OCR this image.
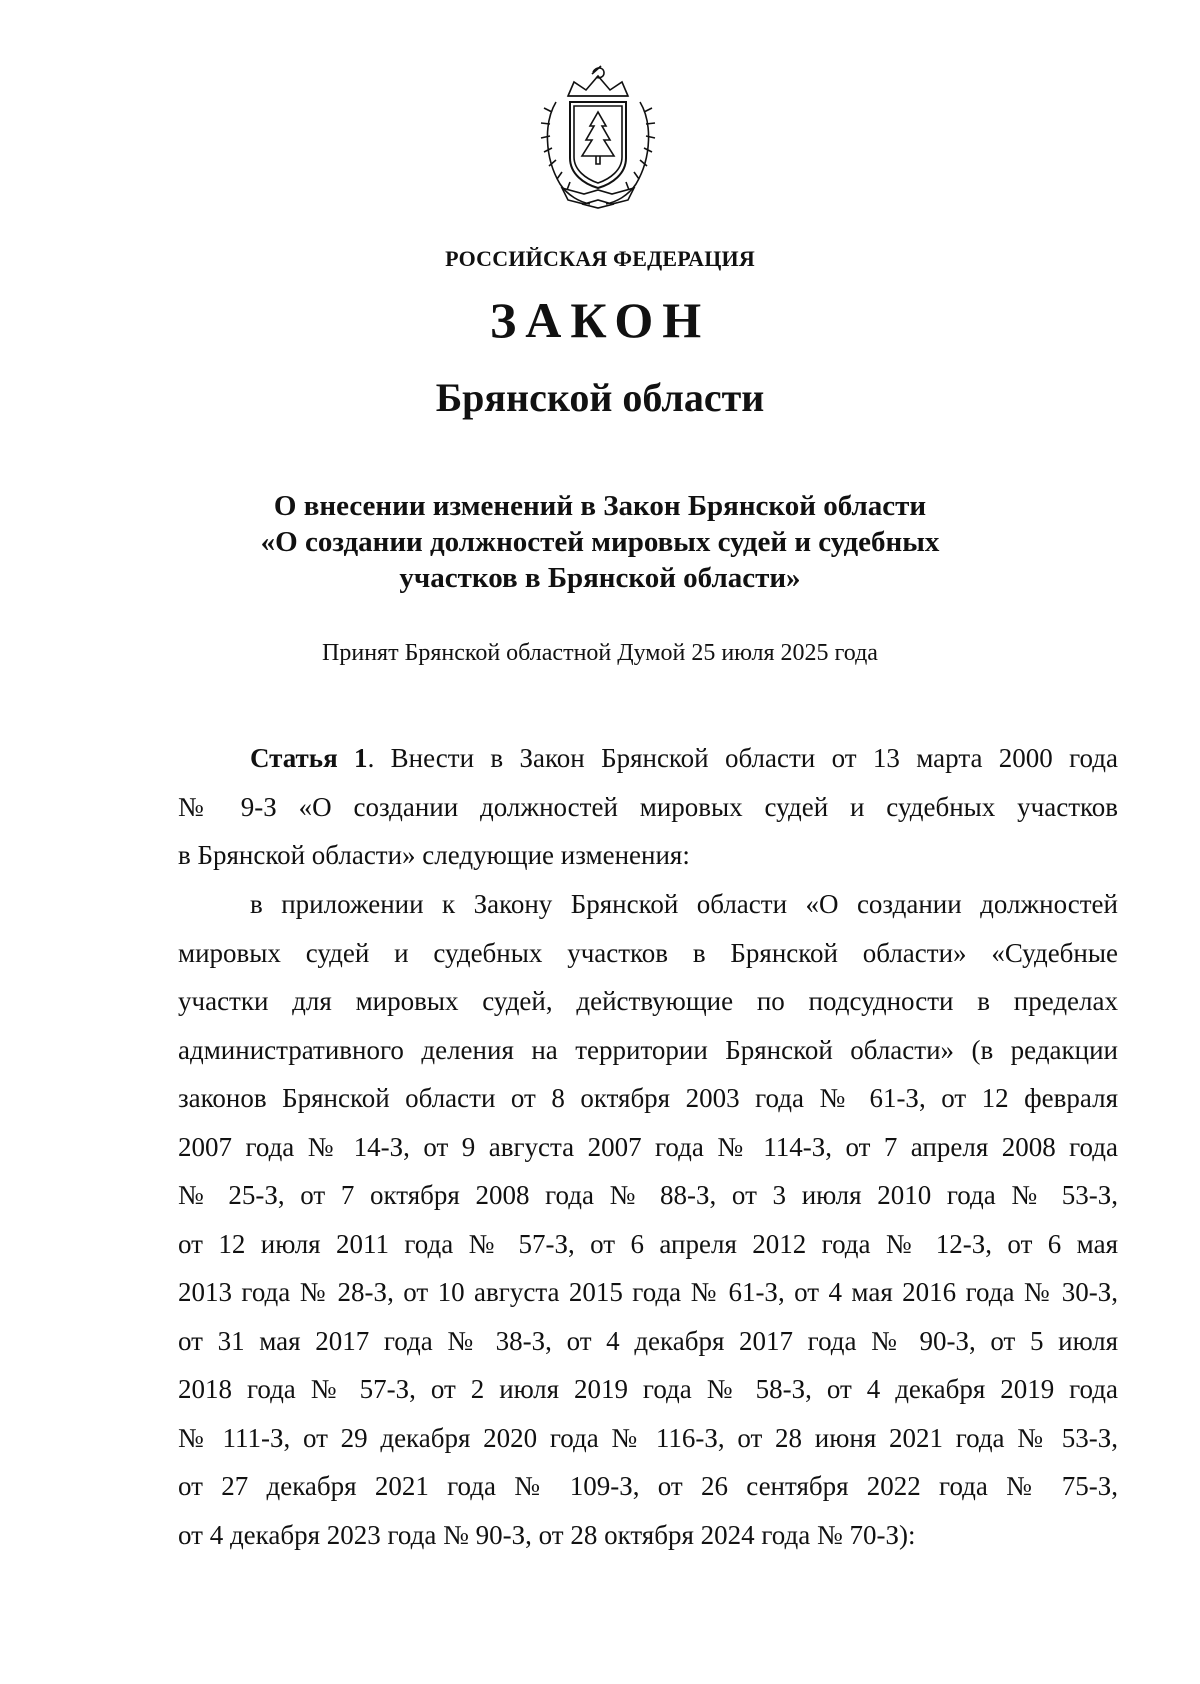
РОССИЙСКАЯ ФЕДЕРАЦИЯ
ЗАКОН
Брянской области
О внесении изменений в Закон Брянской области
«О создании должностей мировых судей и судебных
участков в Брянской области»
Принят Брянской областной Думой 25 июля 2025 года
Статья 1. Внести в Закон Брянской области от 13 марта 2000 года
№ 9-З «О создании должностей мировых судей и судебных участков
в Брянской области» следующие изменения:
в приложении к Закону Брянской области «О создании должностей
мировых судей и судебных участков в Брянской области» «Судебные
участки для мировых судей, действующие по подсудности в пределах
административного деления на территории Брянской области» (в редакции
законов Брянской области от 8 октября 2003 года № 61-З, от 12 февраля
2007 года № 14-З, от 9 августа 2007 года № 114-З, от 7 апреля 2008 года
№ 25-З, от 7 октября 2008 года № 88-З, от 3 июля 2010 года № 53-З,
от 12 июля 2011 года № 57-З, от 6 апреля 2012 года № 12-З, от 6 мая
2013 года № 28-З, от 10 августа 2015 года № 61-З, от 4 мая 2016 года № 30-З,
от 31 мая 2017 года № 38-З, от 4 декабря 2017 года № 90-З, от 5 июля
2018 года № 57-З, от 2 июля 2019 года № 58-З, от 4 декабря 2019 года
№ 111-З, от 29 декабря 2020 года № 116-З, от 28 июня 2021 года № 53-З,
от 27 декабря 2021 года № 109-З, от 26 сентября 2022 года № 75-З,
от 4 декабря 2023 года № 90-З, от 28 октября 2024 года № 70-З):
